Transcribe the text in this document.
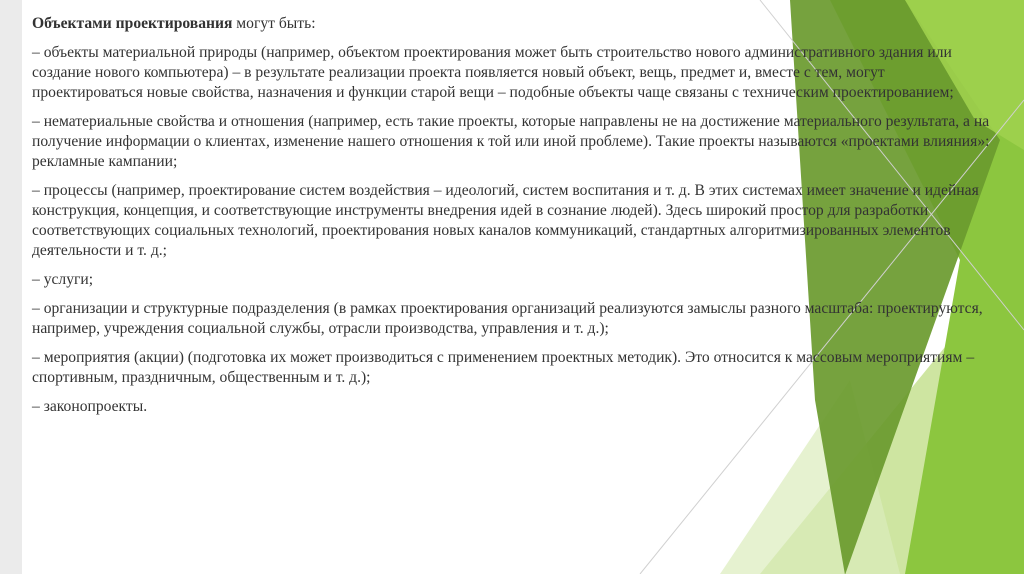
Объектами проектирования могут быть:

– объекты материальной природы (например, объектом проектирования может быть строительство нового административного здания или создание нового компьютера) – в результате реализации проекта появляется новый объект, вещь, предмет и, вместе с тем, могут проектироваться новые свойства, назначения и функции старой вещи – подобные объекты чаще связаны с техническим проектированием;

– нематериальные свойства и отношения (например, есть такие проекты, которые направлены не на достижение материального результата, а на получение информации о клиентах, изменение нашего отношения к той или иной проблеме). Такие проекты называются «проектами влияния»: рекламные кампании;

– процессы (например, проектирование систем воздействия – идеологий, систем воспитания и т. д. В этих системах имеет значение и идейная конструкция, концепция, и соответствующие инструменты внедрения идей в сознание людей). Здесь широкий простор для разработки соответствующих социальных технологий, проектирования новых каналов коммуникаций, стандартных алгоритмизированных элементов деятельности и т. д.;

– услуги;

– организации и структурные подразделения (в рамках проектирования организаций реализуются замыслы разного масштаба: проектируются, например, учреждения социальной службы, отрасли производства, управления и т. д.);

– мероприятия (акции) (подготовка их может производиться с применением проектных методик). Это относится к массовым мероприятиям – спортивным, праздничным, общественным и т. д.);

– законопроекты.
